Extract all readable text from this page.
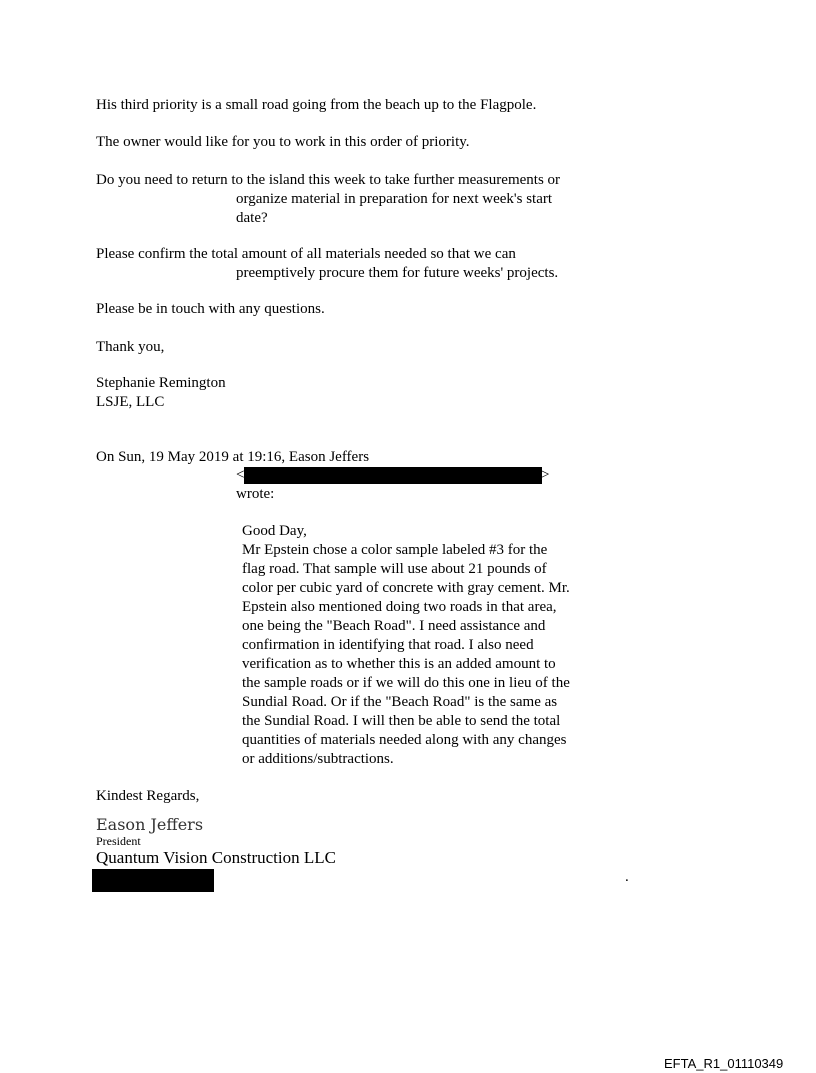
His third priority is a small road going from the beach up to the Flagpole.
The owner would like for you to work in this order of priority.
Do you need to return to the island this week to take further measurements or
organize material in preparation for next week's start
date?
Please confirm the total amount of all materials needed so that we can
preemptively procure them for future weeks' projects.
Please be in touch with any questions.
Thank you,
Stephanie Remington
LSJE, LLC
On Sun, 19 May 2019 at 19:16, Eason Jeffers
<	>
wrote:
Good Day,
Mr Epstein chose a color sample labeled #3 for the
flag road. That sample will use about 21 pounds of
color per cubic yard of concrete with gray cement. Mr.
Epstein also mentioned doing two roads in that area,
one being the "Beach Road". I need assistance and
confirmation in identifying that road. I also need
verification as to whether this is an added amount to
the sample roads or if we will do this one in lieu of the
Sundial Road. Or if the "Beach Road" is the same as
the Sundial Road. I will then be able to send the total
quantities of materials needed along with any changes
or additions/subtractions.
Kindest Regards,
Eason Jeffers
President
Quantum Vision Construction LLC
.
EFTA_R1_01110349
